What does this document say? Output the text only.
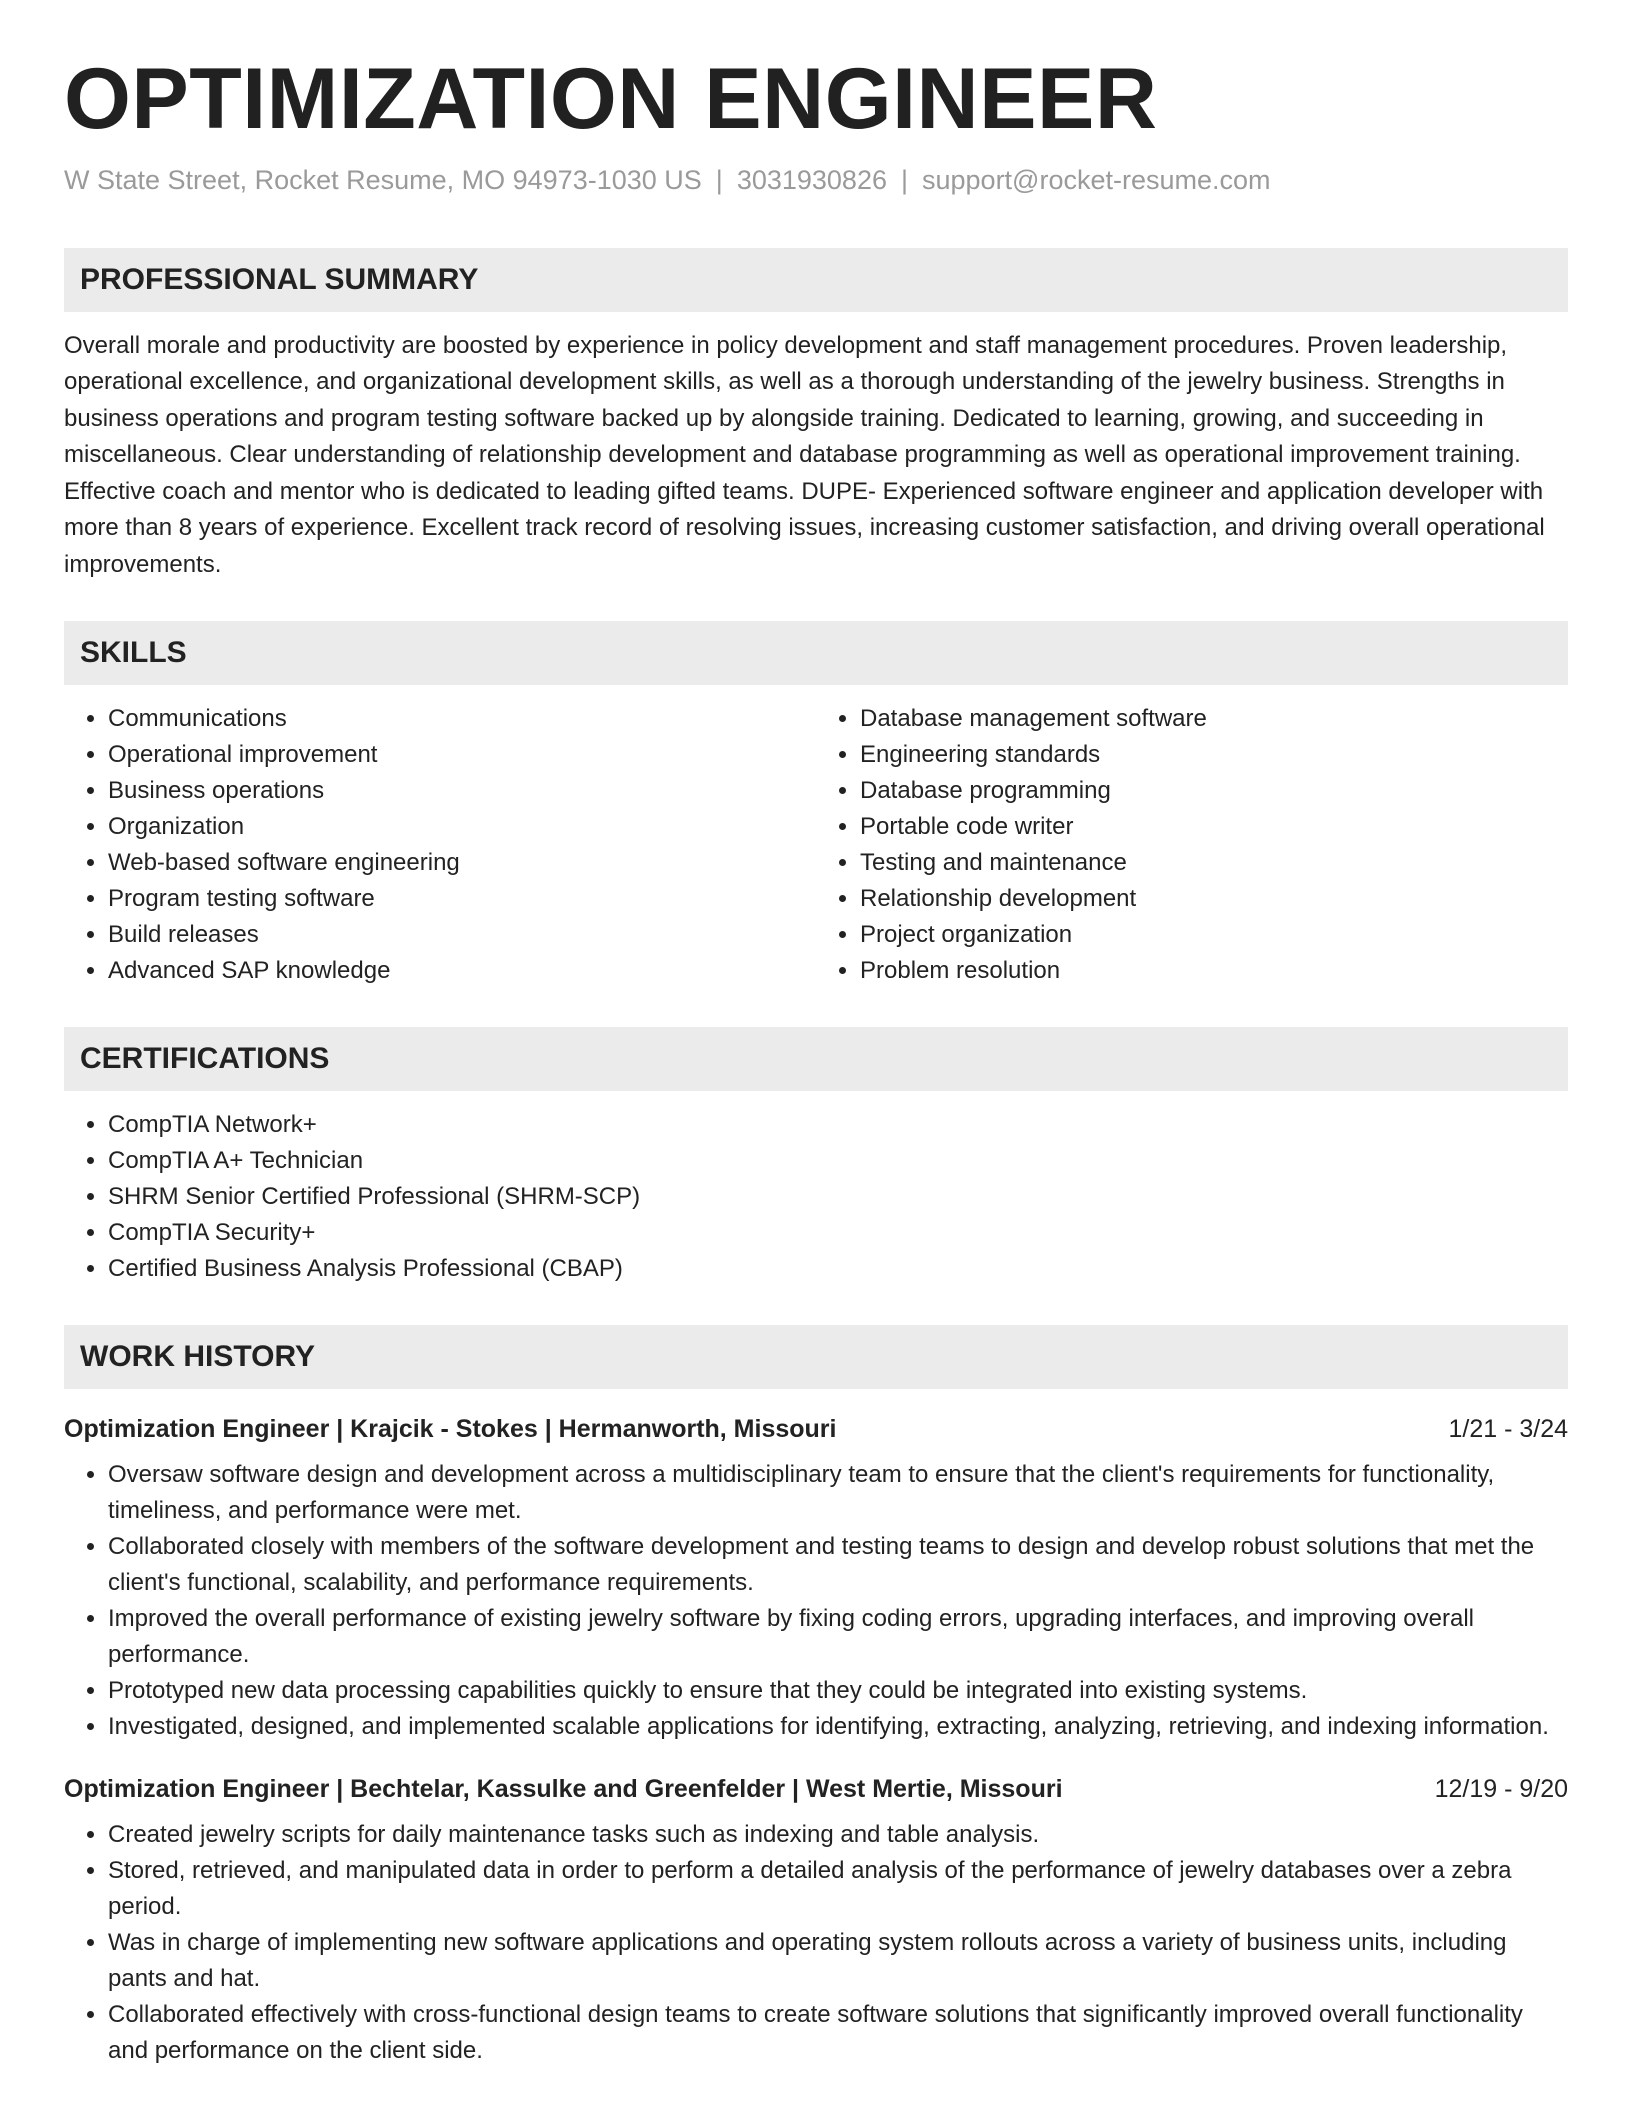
OPTIMIZATION ENGINEER
W State Street, Rocket Resume, MO 94973-1030 US | 3031930826 | support@rocket-resume.com
PROFESSIONAL SUMMARY

Overall morale and productivity are boosted by experience in policy development and staff management procedures. Proven leadership, operational excellence, and organizational development skills, as well as a thorough understanding of the jewelry business. Strengths in business operations and program testing software backed up by alongside training. Dedicated to learning, growing, and succeeding in miscellaneous. Clear understanding of relationship development and database programming as well as operational improvement training. Effective coach and mentor who is dedicated to leading gifted teams. DUPE- Experienced software engineer and application developer with more than 8 years of experience. Excellent track record of resolving issues, increasing customer satisfaction, and driving overall operational improvements.

SKILLS
• Communications
• Operational improvement
• Business operations
• Organization
• Web-based software engineering
• Program testing software
• Build releases
• Advanced SAP knowledge
• Database management software
• Engineering standards
• Database programming
• Portable code writer
• Testing and maintenance
• Relationship development
• Project organization
• Problem resolution
CERTIFICATIONS
• CompTIA Network+
• CompTIA A+ Technician
• SHRM Senior Certified Professional (SHRM-SCP)
• CompTIA Security+
• Certified Business Analysis Professional (CBAP)
WORK HISTORY
Optimization Engineer | Krajcik - Stokes | Hermanworth, Missouri	1/21 - 3/24
• Oversaw software design and development across a multidisciplinary team to ensure that the client's requirements for functionality, timeliness, and performance were met.
• Collaborated closely with members of the software development and testing teams to design and develop robust solutions that met the client's functional, scalability, and performance requirements.
• Improved the overall performance of existing jewelry software by fixing coding errors, upgrading interfaces, and improving overall performance.
• Prototyped new data processing capabilities quickly to ensure that they could be integrated into existing systems.
• Investigated, designed, and implemented scalable applications for identifying, extracting, analyzing, retrieving, and indexing information.
Optimization Engineer | Bechtelar, Kassulke and Greenfelder | West Mertie, Missouri	12/19 - 9/20
• Created jewelry scripts for daily maintenance tasks such as indexing and table analysis.
• Stored, retrieved, and manipulated data in order to perform a detailed analysis of the performance of jewelry databases over a zebra period.
• Was in charge of implementing new software applications and operating system rollouts across a variety of business units, including pants and hat.
• Collaborated effectively with cross-functional design teams to create software solutions that significantly improved overall functionality and performance on the client side.
